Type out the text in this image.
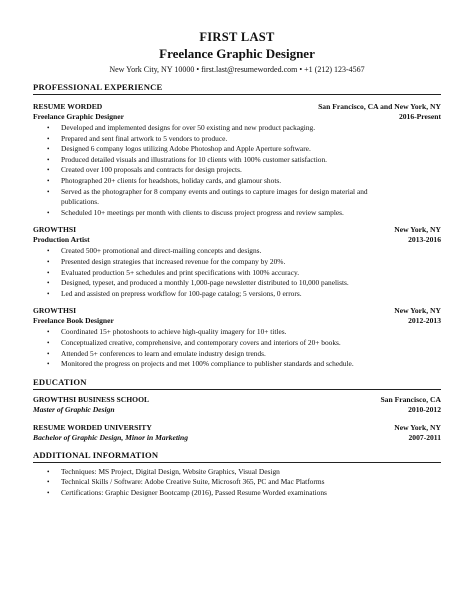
FIRST LAST
Freelance Graphic Designer
New York City, NY 10000 • first.last@resumeworded.com • +1 (212) 123-4567
PROFESSIONAL EXPERIENCE
RESUME WORDED	San Francisco, CA and New York, NY
Freelance Graphic Designer	2016-Present
• Developed and implemented designs for over 50 existing and new product packaging.
• Prepared and sent final artwork to 5 vendors to produce.
• Designed 6 company logos utilizing Adobe Photoshop and Apple Aperture software.
• Produced detailed visuals and illustrations for 10 clients with 100% customer satisfaction.
• Created over 100 proposals and contracts for design projects.
• Photographed 20+ clients for headshots, holiday cards, and glamour shots.
• Served as the photographer for 8 company events and outings to capture images for design material and
publications.
• Scheduled 10+ meetings per month with clients to discuss project progress and review samples.
GROWTHSI	New York, NY
Production Artist	2013-2016
• Created 500+ promotional and direct-mailing concepts and designs.
• Presented design strategies that increased revenue for the company by 20%.
• Evaluated production 5+ schedules and print specifications with 100% accuracy.
• Designed, typeset, and produced a monthly 1,000-page newsletter distributed to 10,000 panelists.
• Led and assisted on prepress workflow for 100-page catalog; 5 versions, 0 errors.
GROWTHSI	New York, NY
Freelance Book Designer	2012-2013
• Coordinated 15+ photoshoots to achieve high-quality imagery for 10+ titles.
• Conceptualized creative, comprehensive, and contemporary covers and interiors of 20+ books.
• Attended 5+ conferences to learn and emulate industry design trends.
• Monitored the progress on projects and met 100% compliance to publisher standards and schedule.
EDUCATION
GROWTHSI BUSINESS SCHOOL	San Francisco, CA
Master of Graphic Design	2010-2012
RESUME WORDED UNIVERSITY	New York, NY
Bachelor of Graphic Design, Minor in Marketing	2007-2011
ADDITIONAL INFORMATION
• Techniques: MS Project, Digital Design, Website Graphics, Visual Design
• Technical Skills / Software: Adobe Creative Suite, Microsoft 365, PC and Mac Platforms
• Certifications: Graphic Designer Bootcamp (2016), Passed Resume Worded examinations
